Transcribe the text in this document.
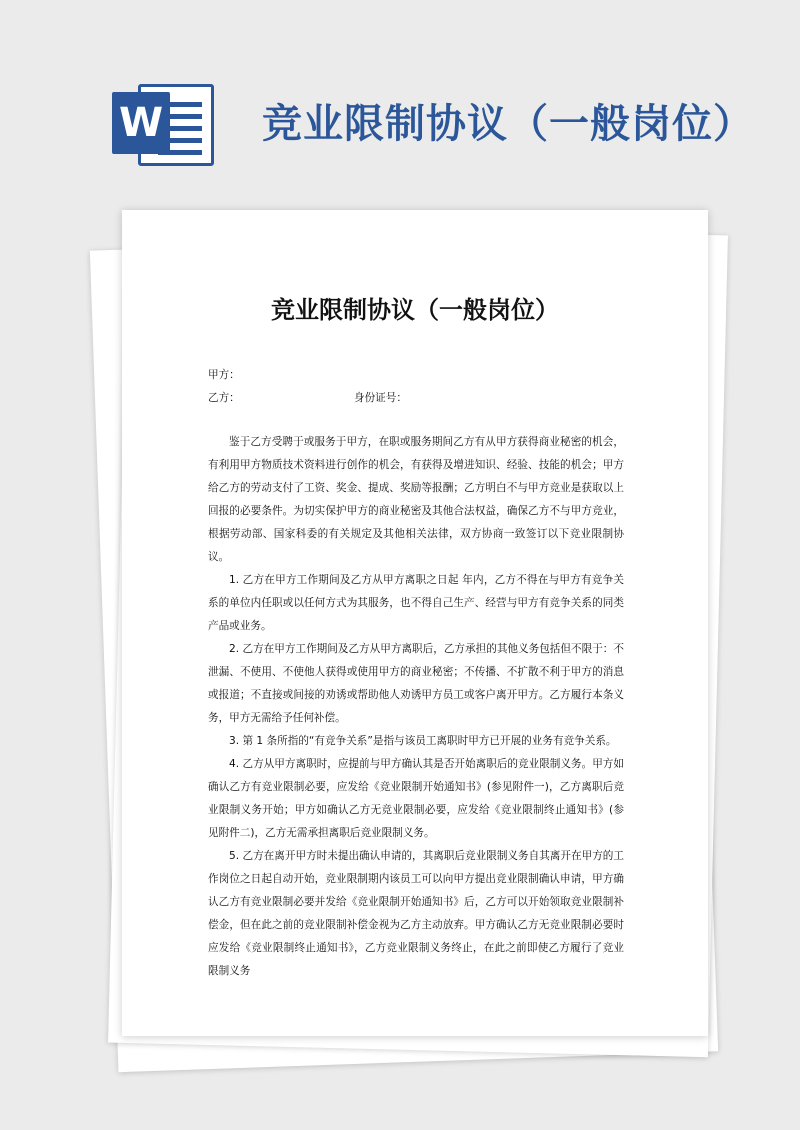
W 竞业限制协议（一般岗位）
竞业限制协议（一般岗位）
甲方：
乙方：	身份证号：

鉴于乙方受聘于或服务于甲方，在职或服务期间乙方有从甲方获得商业秘密的机会，有利用甲方物质技术资料进行创作的机会，有获得及增进知识、经验、技能的机会；甲方给乙方的劳动支付了工资、奖金、提成、奖励等报酬；乙方明白不与甲方竞业是获取以上回报的必要条件。为切实保护甲方的商业秘密及其他合法权益，确保乙方不与甲方竞业，根据劳动部、国家科委的有关规定及其他相关法律，双方协商一致签订以下竞业限制协议。

1. 乙方在甲方工作期间及乙方从甲方离职之日起 年内，乙方不得在与甲方有竞争关系的单位内任职或以任何方式为其服务，也不得自己生产、经营与甲方有竞争关系的同类产品或业务。

2. 乙方在甲方工作期间及乙方从甲方离职后，乙方承担的其他义务包括但不限于：不泄漏、不使用、不使他人获得或使用甲方的商业秘密；不传播、不扩散不利于甲方的消息或报道；不直接或间接的劝诱或帮助他人劝诱甲方员工或客户离开甲方。乙方履行本条义务，甲方无需给予任何补偿。

3. 第 1 条所指的“有竞争关系”是指与该员工离职时甲方已开展的业务有竞争关系。

4. 乙方从甲方离职时，应提前与甲方确认其是否开始离职后的竞业限制义务。甲方如确认乙方有竞业限制必要，应发给《竞业限制开始通知书》(参见附件一)，乙方离职后竞业限制义务开始；甲方如确认乙方无竞业限制必要，应发给《竞业限制终止通知书》(参见附件二)，乙方无需承担离职后竞业限制义务。

5. 乙方在离开甲方时未提出确认申请的，其离职后竞业限制义务自其离开在甲方的工作岗位之日起自动开始，竞业限制期内该员工可以向甲方提出竞业限制确认申请，甲方确认乙方有竞业限制必要并发给《竞业限制开始通知书》后，乙方可以开始领取竞业限制补偿金，但在此之前的竞业限制补偿金视为乙方主动放弃。甲方确认乙方无竞业限制必要时应发给《竞业限制终止通知书》，乙方竞业限制义务终止，在此之前即使乙方履行了竞业限制义务
